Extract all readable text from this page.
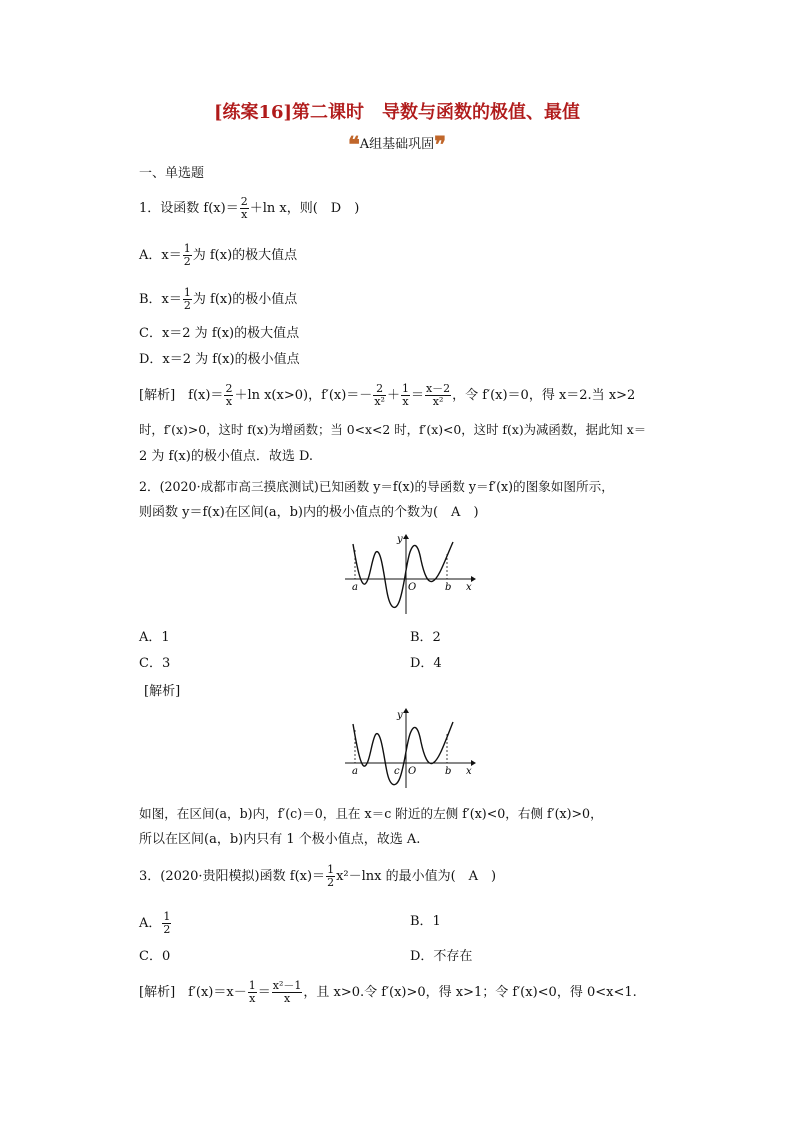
[练案16]第二课时　导数与函数的极值、最值
❝A组基础巩固❞
一、单选题
1．设函数 $f(x)= \frac{2}{x} +\ln$ x，则(　D　)
A．$x= \frac{1}{2}$ 为 f(x)的极大值点
B．$x= \frac{1}{2}$ 为 f(x)的极小值点
C．x＝2 为 f(x)的极大值点
D．x＝2 为 f(x)的极小值点
[解析]　$f(x)= \frac{2}{x} +\ln$ x(x>0)，$f'(x)=- \frac{2}{\text{x²}} + \frac{1}{x} = \frac{x-2}{\text{x²}}$ ，令 f′(x)＝0，得 x＝2.当 x>2
时，f′(x)>0，这时 f(x)为增函数；当 0<x<2 时，f′(x)<0，这时 f(x)为减函数，据此知 x＝
2 为 f(x)的极小值点．故选 D.
2．(2020·成都市高三摸底测试)已知函数 y＝f(x)的导函数 y＝f′(x)的图象如图所示，
则函数 y＝f(x)在区间(a，b)内的极小值点的个数为(　A　)
a	b
O	x
y
A．1	B．2
C．3	D．4
[解析]
a	b
O
c	x
y
如图，在区间(a，b)内，f′(c)＝0，且在 x＝c 附近的左侧 f′(x)<0，右侧 f′(x)>0，
所以在区间(a，b)内只有 1 个极小值点，故选 A.
3．(2020·贵阳模拟)函数 $f(x)= \frac{1}{2} x^2-\ln x$ 的最小值为(　A　)
A． $\frac{1}{2}$	B．1
C．0	D．不存在
[解析]　$f'(x)=x- \frac{1}{x} = \frac{\text{x²－1}}{x}$ ，且 x>0.令 f′(x)>0，得 x>1；令 f′(x)<0，得 0<x<1.
